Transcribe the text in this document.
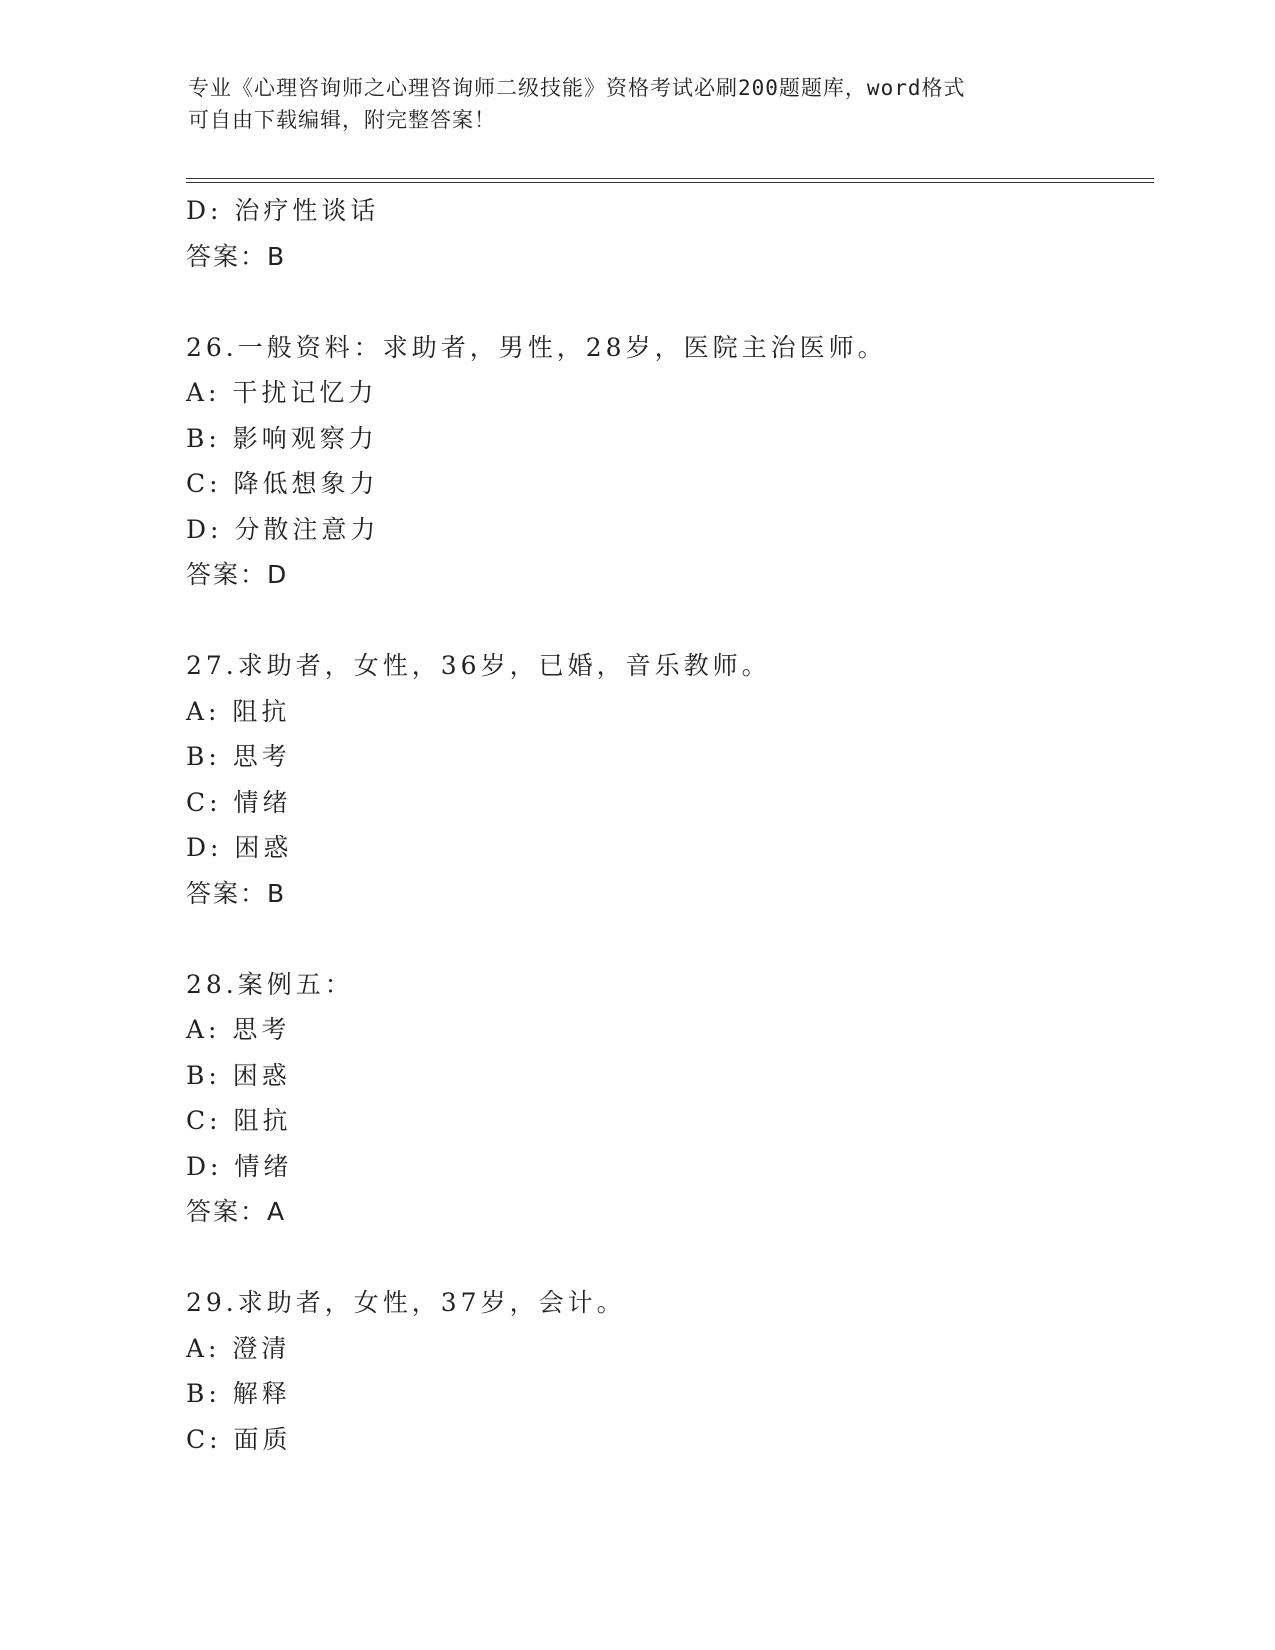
专业《心理咨询师之心理咨询师二级技能》资格考试必刷200题题库，word格式
可自由下载编辑，附完整答案！
D: 治疗性谈话
答案：B
26.一般资料：求助者，男性，28岁，医院主治医师。
A: 干扰记忆力
B: 影响观察力
C: 降低想象力
D: 分散注意力
答案：D
27.求助者，女性，36岁，已婚，音乐教师。
A: 阻抗
B: 思考
C: 情绪
D: 困惑
答案：B
28.案例五：
A: 思考
B: 困惑
C: 阻抗
D: 情绪
答案：A
29.求助者，女性，37岁，会计。
A: 澄清
B: 解释
C: 面质
